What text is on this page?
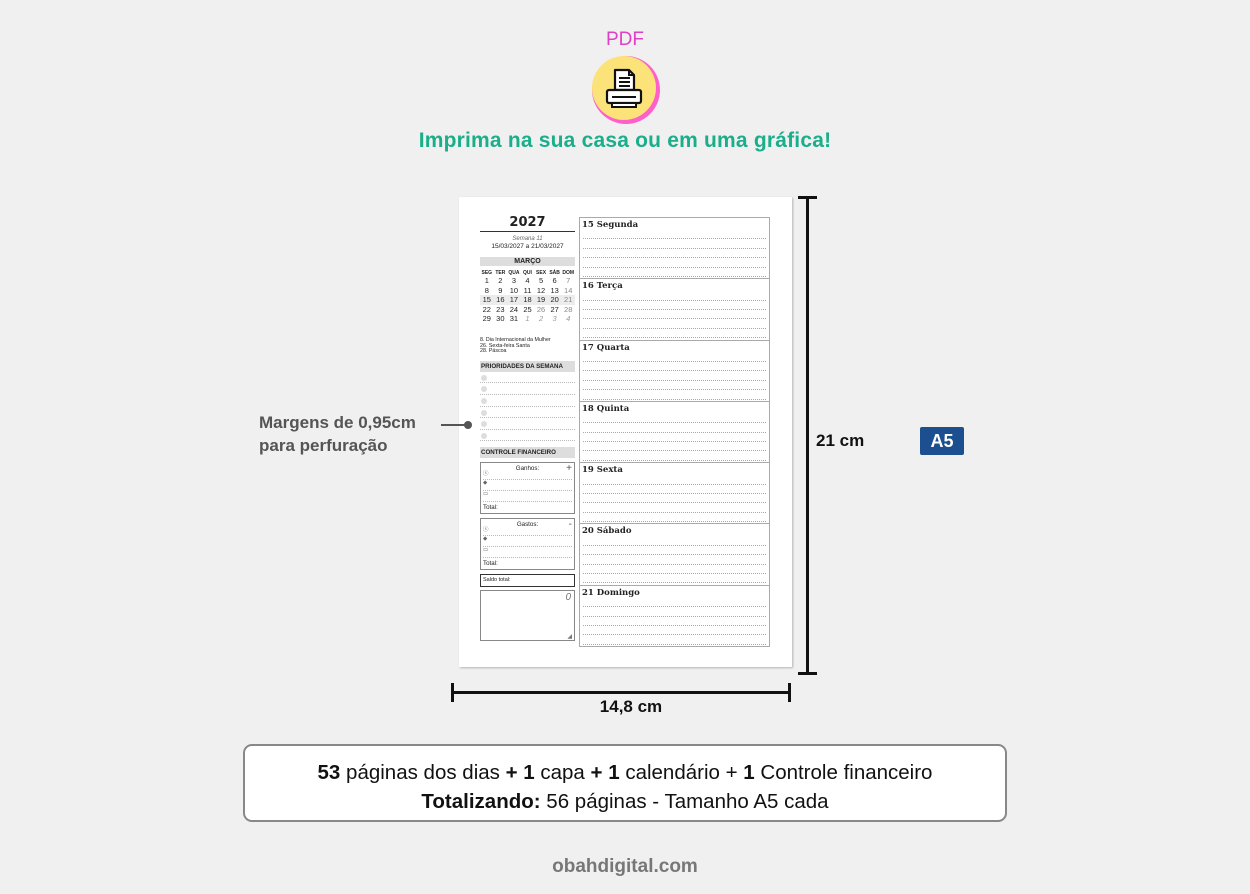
PDF
Imprima na sua casa ou em uma gráfica!
2027
Semana 11
15/03/2027 a 21/03/2027
MARÇO
SEG TER QUA QUI SEX SÁB DOM
1	2	3	4	5	6	7
8	9 10 11 12 13 14
15 16 17 18 19 20 21
22 23 24 25 26 27 28
29 30 31 1	2	3	4
8. Dia Internacional da Mulher
26. Sexta-feira Santa
28. Páscoa
PRIORIDADES DA SEMANA
CONTROLE FINANCEIRO
Ganhos:	+
ⓢ
◆
▭
Total:
Gastos:	-
ⓢ
◆
▭
Total:
Saldo total:
0
◢
15 Segunda
16 Terça
17 Quarta
18 Quinta
19 Sexta
20 Sábado
21 Domingo
Margens de 0,95cm
para perfuração	21 cm	A5
14,8 cm
53 páginas dos dias + 1 capa + 1 calendário + 1 Controle financeiro
Totalizando: 56 páginas - Tamanho A5 cada
obahdigital.com
